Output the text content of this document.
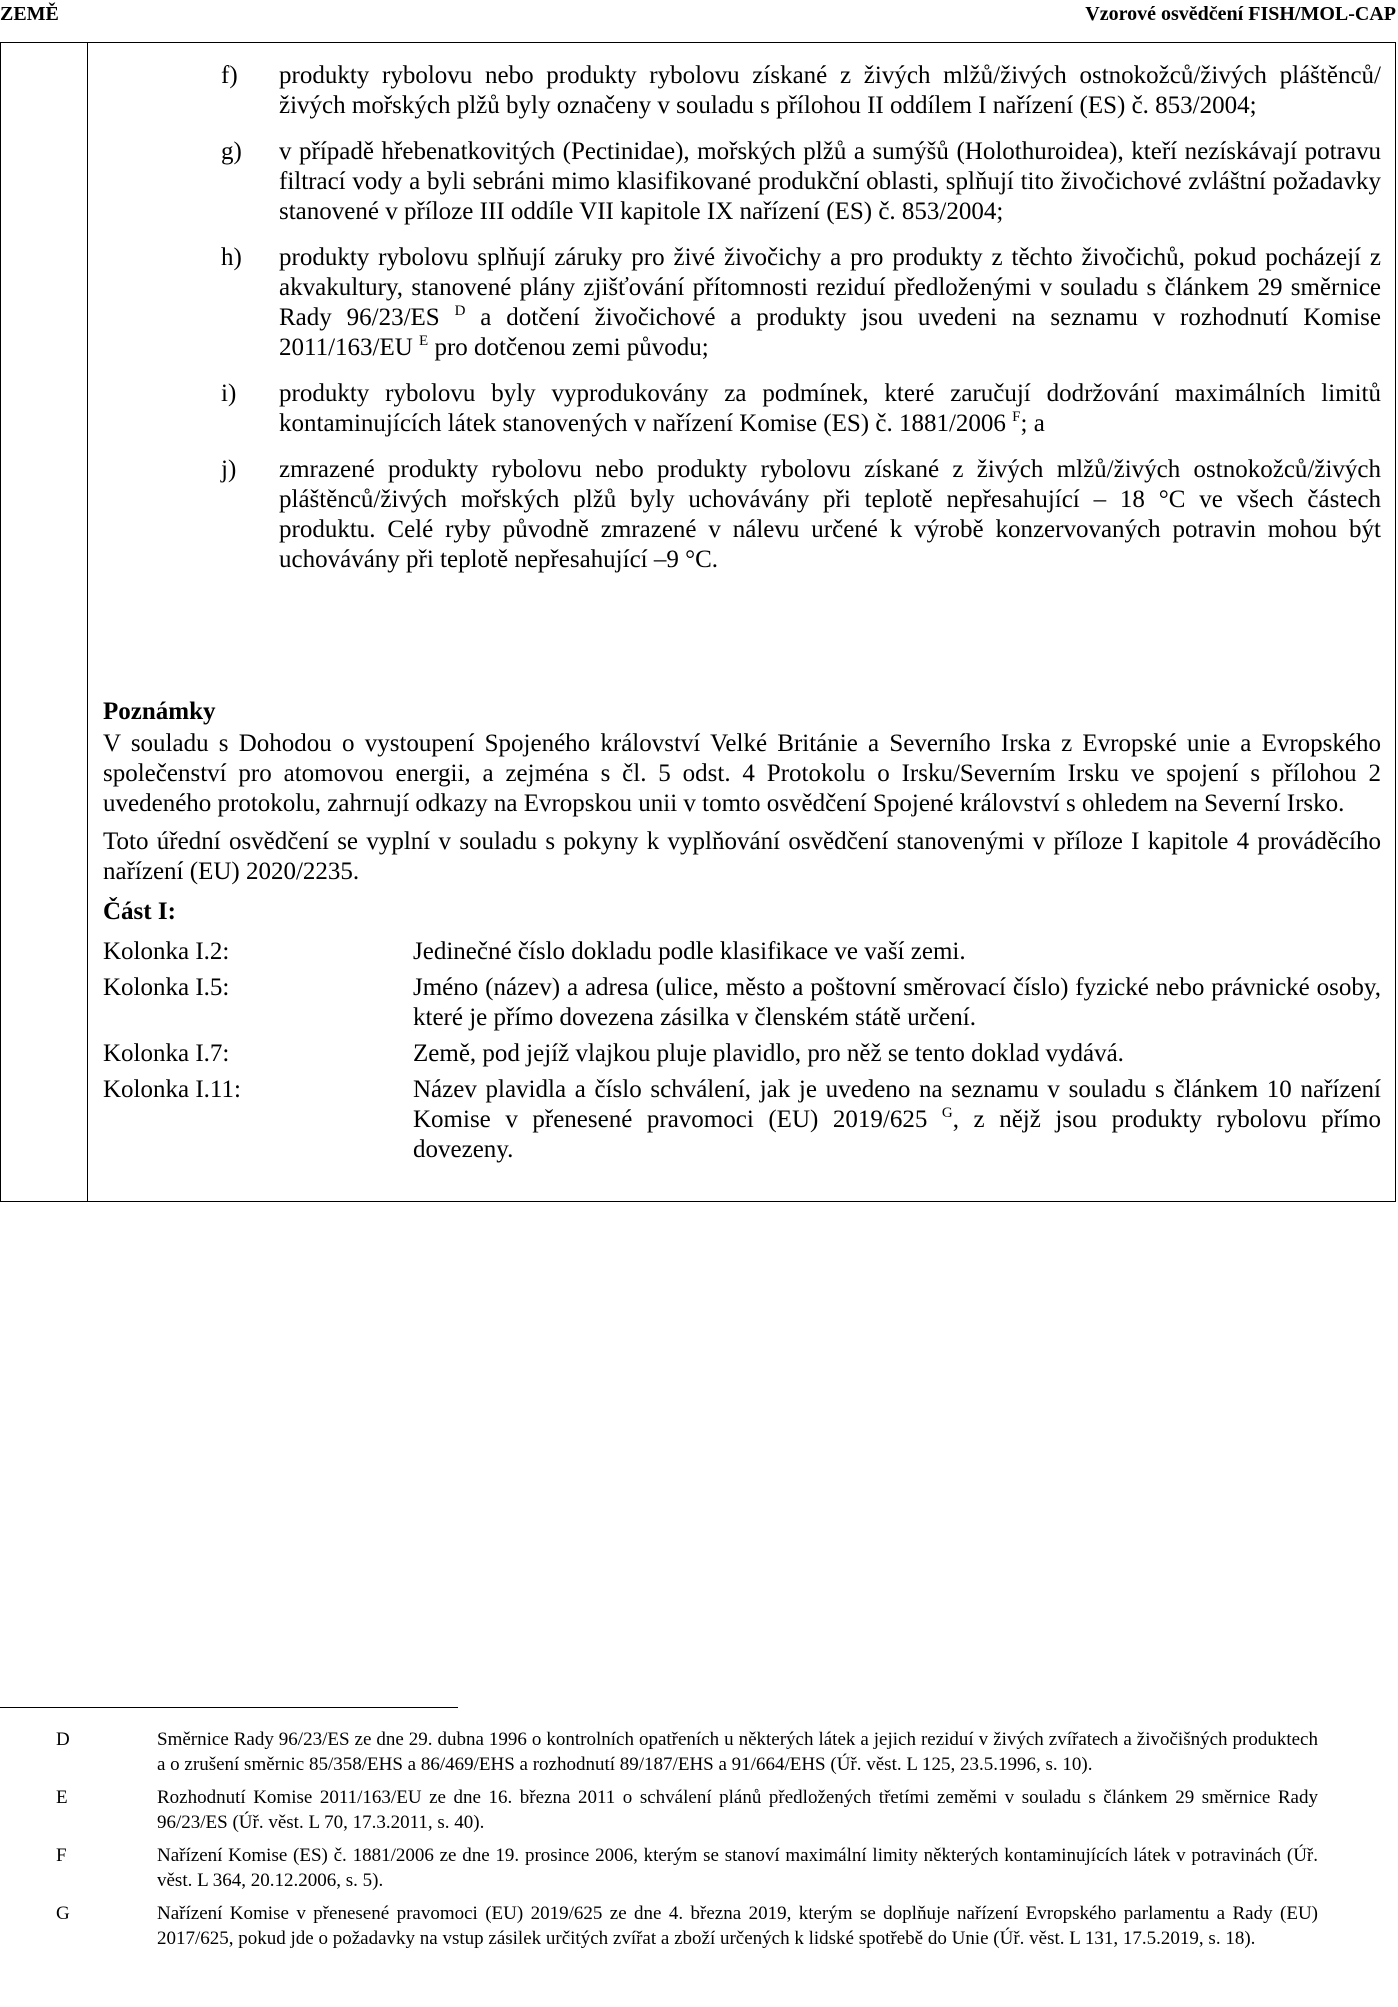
ZEMĚ	Vzorové osvědčení FISH/MOL-CAP
f)	produkty rybolovu nebo produkty rybolovu získané z živých mlžů/živých ostnokožců/živých pláštěnců/živých mořských plžů byly označeny v souladu s přílohou II oddílem I nařízení (ES) č. 853/2004;
g)	v případě hřebenatkovitých (Pectinidae), mořských plžů a sumýšů (Holothuroidea), kteří nezískávají potravu filtrací vody a byli sebráni mimo klasifikované produkční oblasti, splňují tito živočichové zvláštní požadavky stanovené v příloze III oddíle VII kapitole IX nařízení (ES) č. 853/2004;
h)	produkty rybolovu splňují záruky pro živé živočichy a pro produkty z těchto živočichů, pokud pocházejí z akvakultury, stanovené plány zjišťování přítomnosti reziduí předloženými v souladu s článkem 29 směrnice Rady 96/23/ES $^D$ a dotčení živočichové a produkty jsou uvedeni na seznamu v rozhodnutí Komise 2011/163/EU $^E$ pro dotčenou zemi původu;
i)	produkty rybolovu byly vyprodukovány za podmínek, které zaručují dodržování maximálních limitů kontaminujících látek stanovených v nařízení Komise (ES) č. 1881/2006 $^F$; a
j)	zmrazené produkty rybolovu nebo produkty rybolovu získané z živých mlžů/živých ostnokožců/živých pláštěnců/živých mořských plžů byly uchovávány při teplotě nepřesahující – 18 °C ve všech částech produktu. Celé ryby původně zmrazené v nálevu určené k výrobě konzervovaných potravin mohou být uchovávány při teplotě nepřesahující –9 °C.
Poznámky
V souladu s Dohodou o vystoupení Spojeného království Velké Británie a Severního Irska z Evropské unie a Evropského společenství pro atomovou energii, a zejména s čl. 5 odst. 4 Protokolu o Irsku/Severním Irsku ve spojení s přílohou 2 uvedeného protokolu, zahrnují odkazy na Evropskou unii v tomto osvědčení Spojené království s ohledem na Severní Irsko.
Toto úřední osvědčení se vyplní v souladu s pokyny k vyplňování osvědčení stanovenými v příloze I kapitole 4 prováděcího nařízení (EU) 2020/2235.
Část I:
Kolonka I.2:	Jedinečné číslo dokladu podle klasifikace ve vaší zemi.
Kolonka I.5:	Jméno (název) a adresa (ulice, město a poštovní směrovací číslo) fyzické nebo právnické osoby, které je přímo dovezena zásilka v členském státě určení.
Kolonka I.7:	Země, pod jejíž vlajkou pluje plavidlo, pro něž se tento doklad vydává.
Kolonka I.11:	Název plavidla a číslo schválení, jak je uvedeno na seznamu v souladu s článkem 10 nařízení Komise v přenesené pravomoci (EU) 2019/625 $^G$, z nějž jsou produkty rybolovu přímo dovezeny.
D	Směrnice Rady 96/23/ES ze dne 29. dubna 1996 o kontrolních opatřeních u některých látek a jejich reziduí v živých zvířatech a živočišných produktech a o zrušení směrnic 85/358/EHS a 86/469/EHS a rozhodnutí 89/187/EHS a 91/664/EHS (Úř. věst. L 125, 23.5.1996, s. 10).
E	Rozhodnutí Komise 2011/163/EU ze dne 16. března 2011 o schválení plánů předložených třetími zeměmi v souladu s článkem 29 směrnice Rady 96/23/ES (Úř. věst. L 70, 17.3.2011, s. 40).
F	Nařízení Komise (ES) č. 1881/2006 ze dne 19. prosince 2006, kterým se stanoví maximální limity některých kontaminujících látek v potravinách (Úř. věst. L 364, 20.12.2006, s. 5).
G	Nařízení Komise v přenesené pravomoci (EU) 2019/625 ze dne 4. března 2019, kterým se doplňuje nařízení Evropského parlamentu a Rady (EU) 2017/625, pokud jde o požadavky na vstup zásilek určitých zvířat a zboží určených k lidské spotřebě do Unie (Úř. věst. L 131, 17.5.2019, s. 18).
